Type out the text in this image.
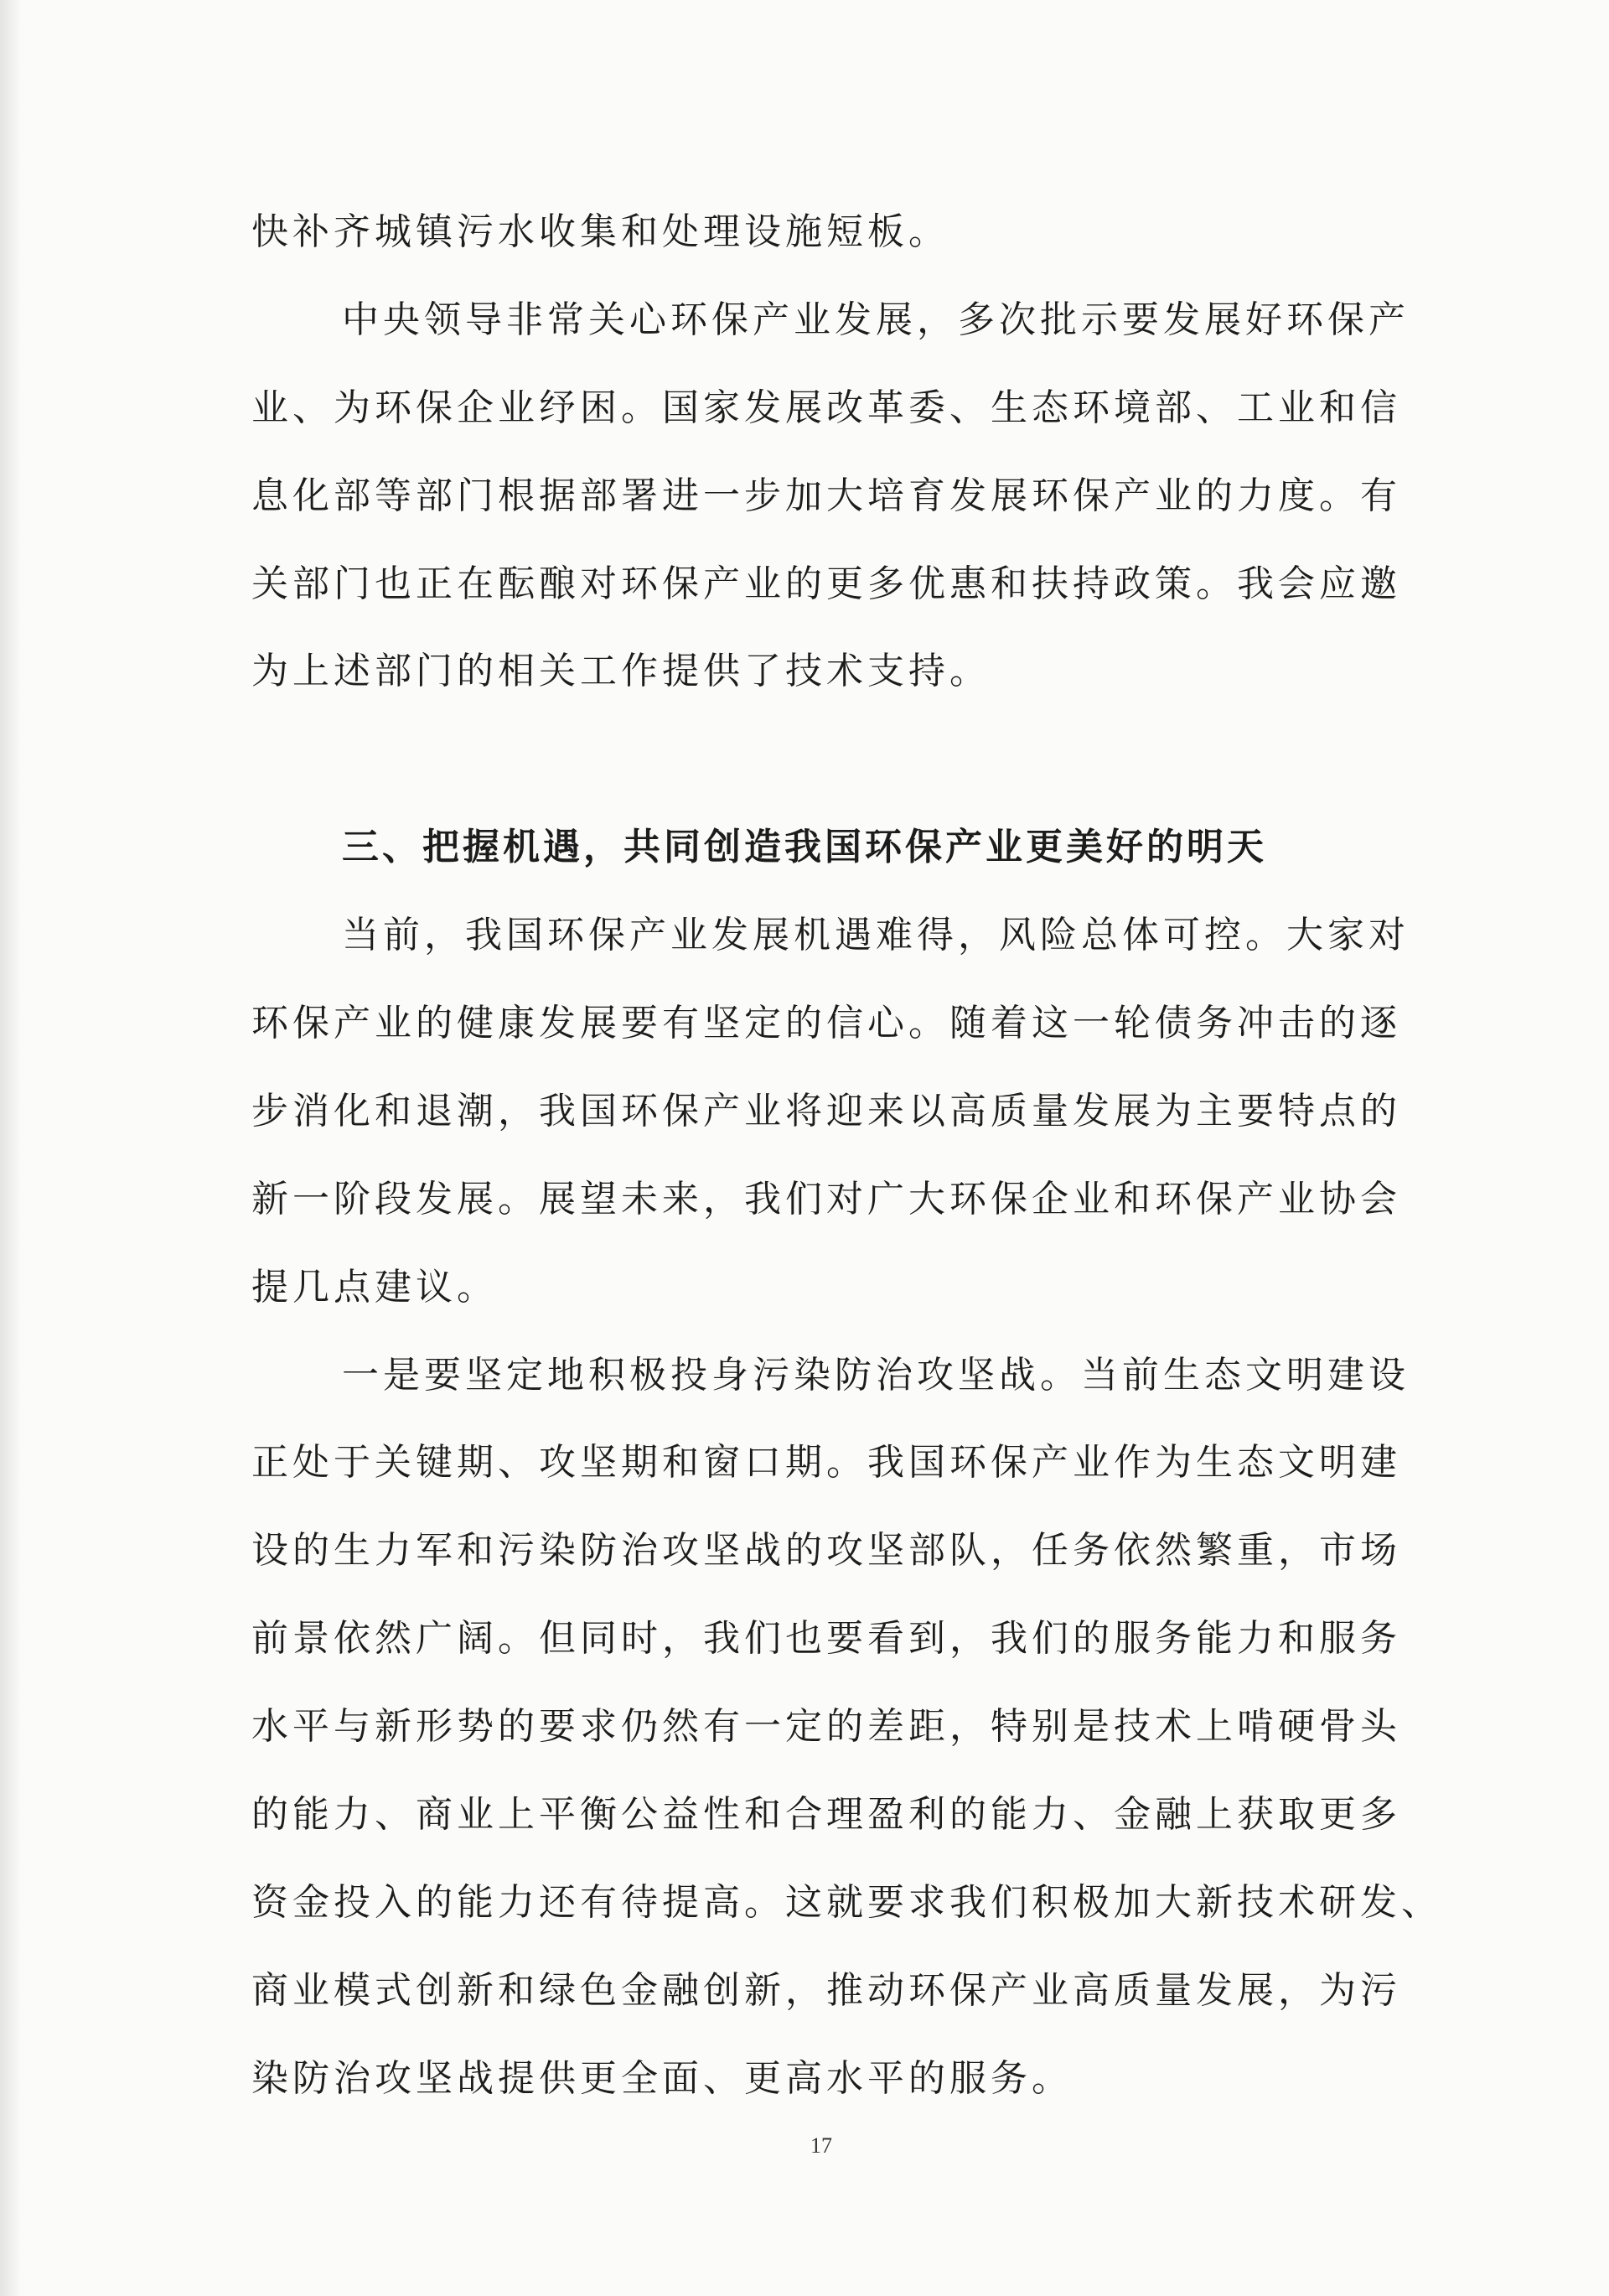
快补齐城镇污水收集和处理设施短板。
中央领导非常关心环保产业发展，多次批示要发展好环保产
业、为环保企业纾困。国家发展改革委、生态环境部、工业和信
息化部等部门根据部署进一步加大培育发展环保产业的力度。有
关部门也正在酝酿对环保产业的更多优惠和扶持政策。我会应邀
为上述部门的相关工作提供了技术支持。
三、把握机遇，共同创造我国环保产业更美好的明天
当前，我国环保产业发展机遇难得，风险总体可控。大家对
环保产业的健康发展要有坚定的信心。随着这一轮债务冲击的逐
步消化和退潮，我国环保产业将迎来以高质量发展为主要特点的
新一阶段发展。展望未来，我们对广大环保企业和环保产业协会
提几点建议。
一是要坚定地积极投身污染防治攻坚战。当前生态文明建设
正处于关键期、攻坚期和窗口期。我国环保产业作为生态文明建
设的生力军和污染防治攻坚战的攻坚部队，任务依然繁重，市场
前景依然广阔。但同时，我们也要看到，我们的服务能力和服务
水平与新形势的要求仍然有一定的差距，特别是技术上啃硬骨头
的能力、商业上平衡公益性和合理盈利的能力、金融上获取更多
资金投入的能力还有待提高。这就要求我们积极加大新技术研发、
商业模式创新和绿色金融创新，推动环保产业高质量发展，为污
染防治攻坚战提供更全面、更高水平的服务。
17
